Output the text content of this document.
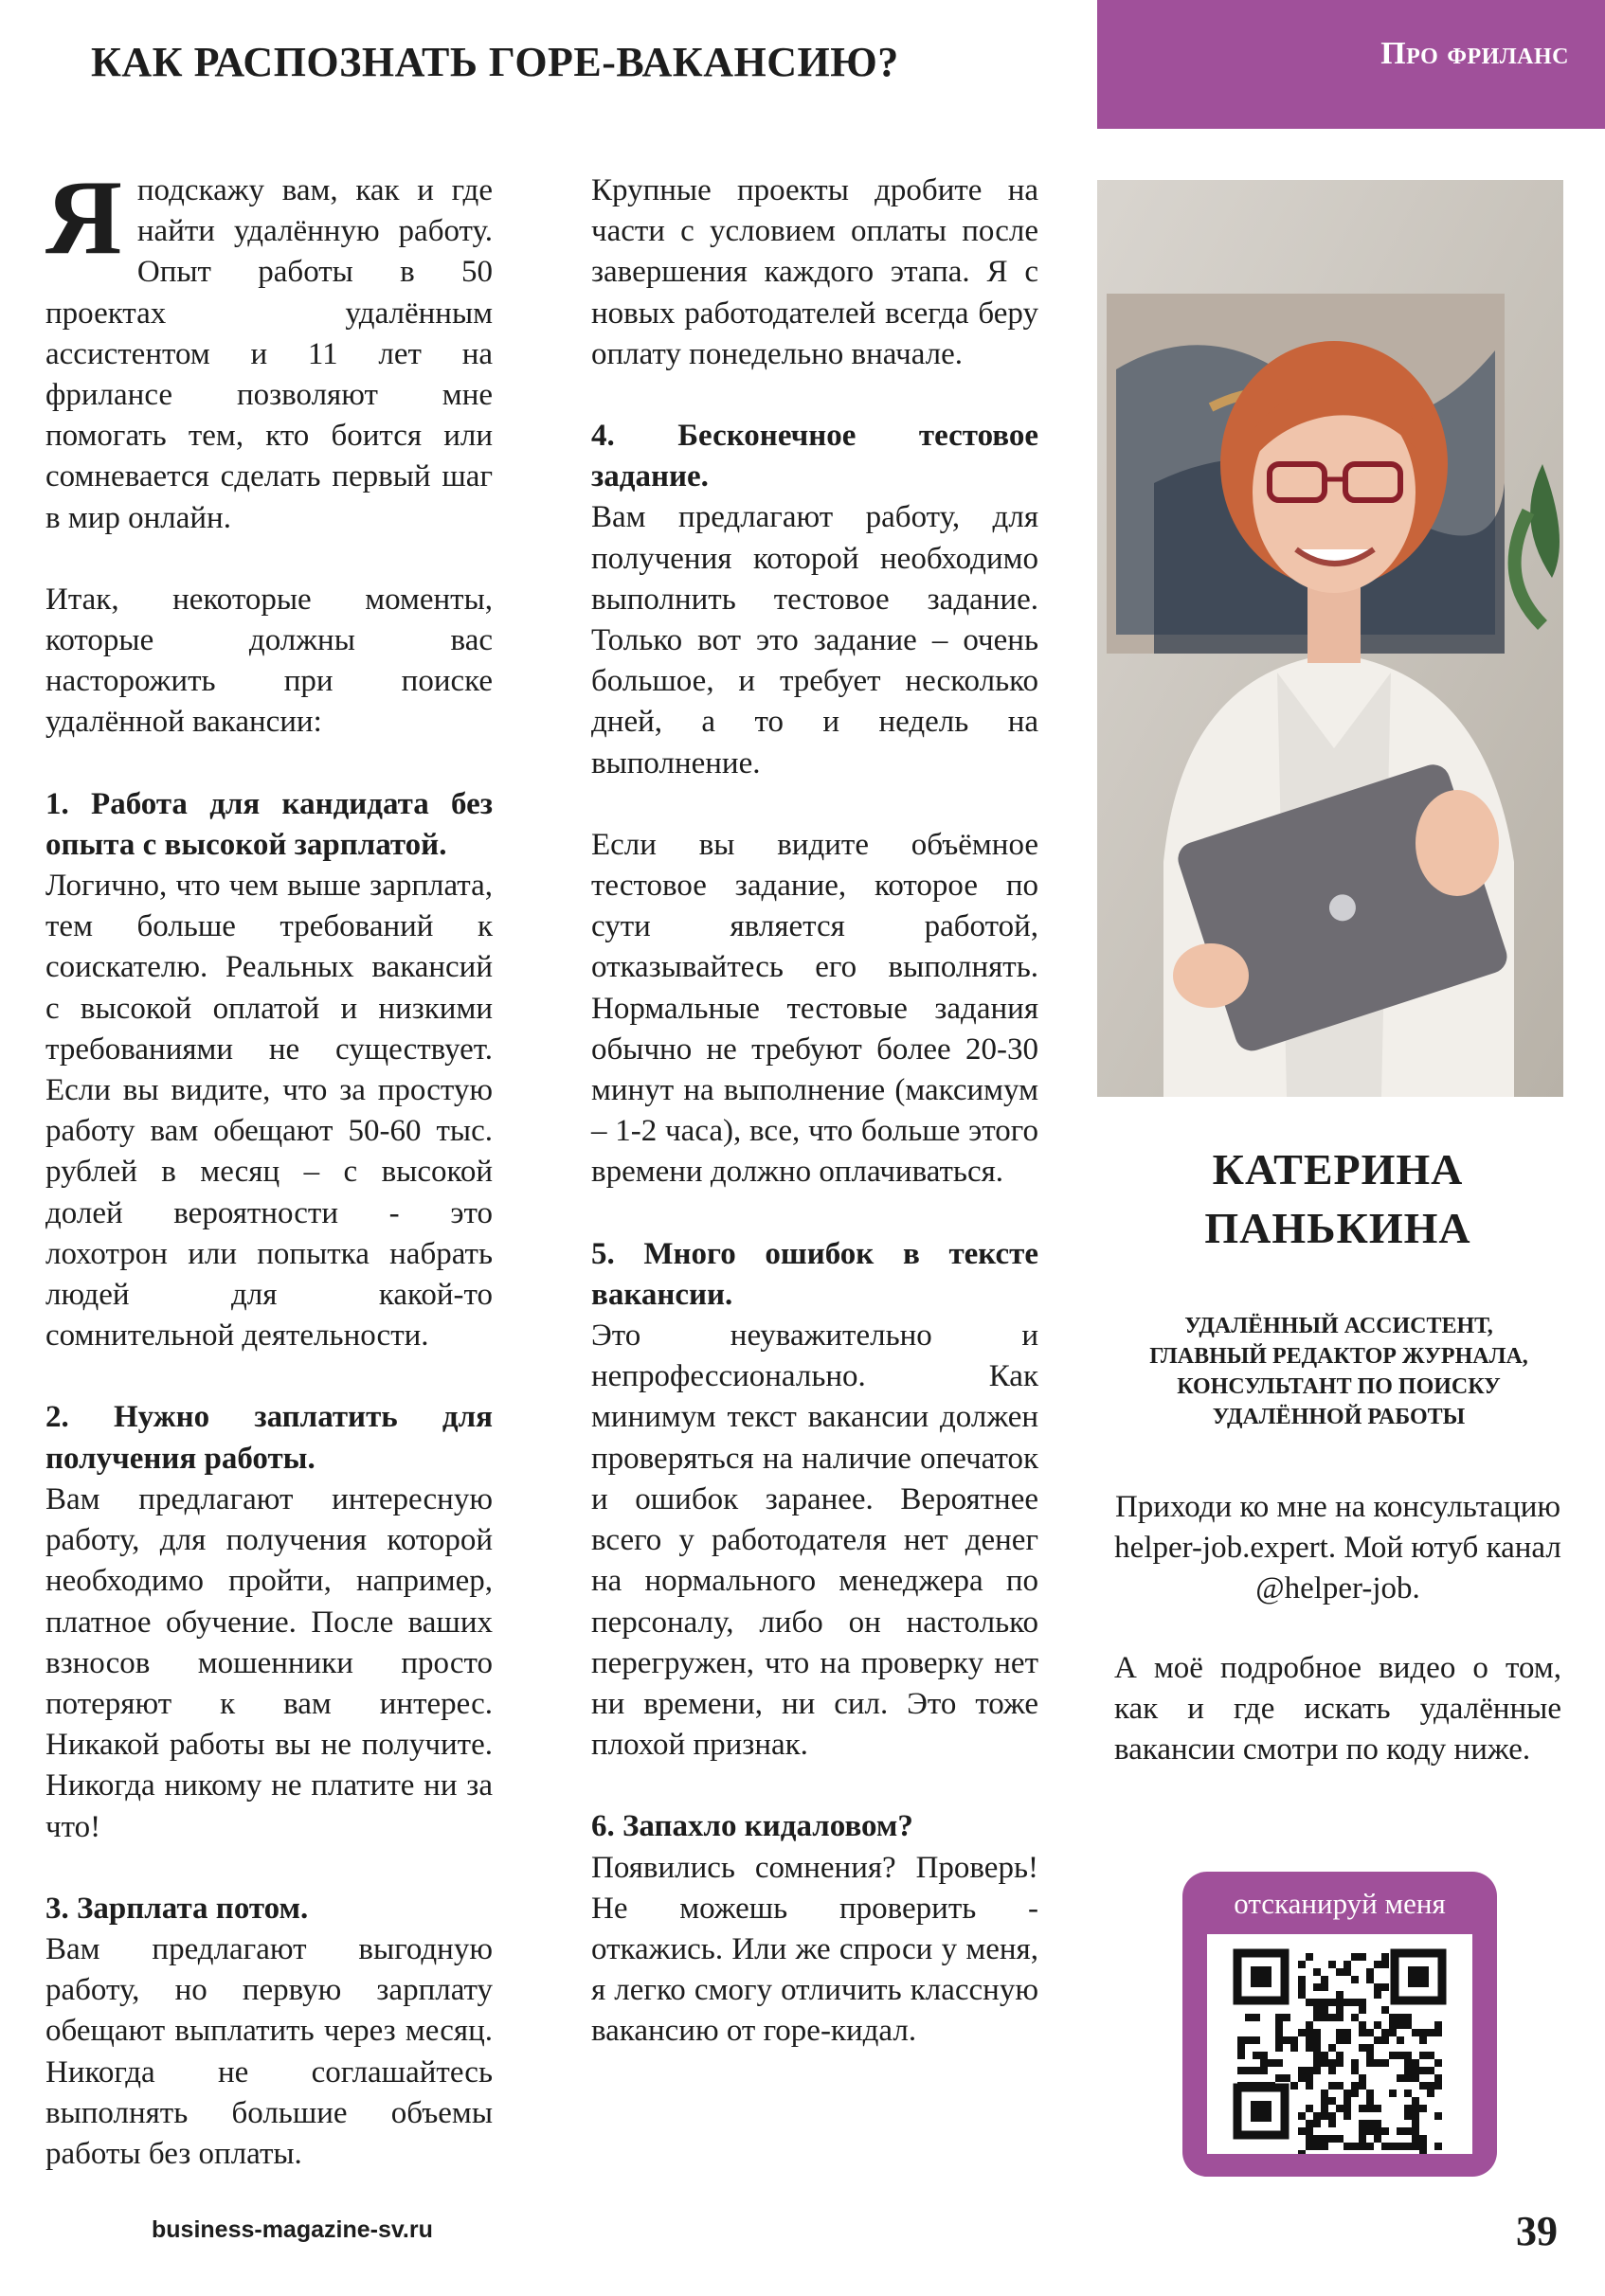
КАК РАСПОЗНАТЬ ГОРЕ-ВАКАНСИЮ?	Про фриланс

Яподскажу вам, как и где найти удалённую работу. Опыт работы в 50 проектах удалённым ассистентом и 11 лет на фрилансе позволяют мне помогать тем, кто боится или сомневается сделать первый шаг в мир онлайн.

Итак, некоторые моменты, которые должны вас насторожить при поиске удалённой вакансии:

1. Работа для кандидата без опыта с высокой зарплатой.

Логично, что чем выше зарплата, тем больше требований к соискателю. Реальных вакансий с высокой оплатой и низкими требованиями не существует. Если вы видите, что за простую работу вам обещают 50-60 тыс. рублей в месяц – с высокой долей вероятности - это лохотрон или попытка набрать людей для какой-то сомнительной деятельности.

2. Нужно заплатить для получения работы.

Вам предлагают интересную работу, для получения которой необходимо пройти, например, платное обучение. После ваших взносов мошенники просто потеряют к вам интерес. Никакой работы вы не получите. Никогда никому не платите ни за что!

3. Зарплата потом.

Вам предлагают выгодную работу, но первую зарплату обещают выплатить через месяц. Никогда не соглашайтесь выполнять большие объемы работы без оплаты.

Крупные проекты дробите на части с условием оплаты после завершения каждого этапа. Я с новых работодателей всегда беру оплату понедельно вначале.

4. Бесконечное тестовое задание.

Вам предлагают работу, для получения которой необходимо выполнить тестовое задание. Только вот это задание – очень большое, и требует несколько дней, а то и недель на выполнение.

Если вы видите объёмное тестовое задание, которое по сути является работой, отказывайтесь его выполнять. Нормальные тестовые задания обычно не требуют более 20-30 минут на выполнение (максимум – 1-2 часа), все, что больше этого времени должно оплачиваться.

5. Много ошибок в тексте вакансии.

Это неуважительно и непрофессионально. Как минимум текст вакансии должен проверяться на наличие опечаток и ошибок заранее. Вероятнее всего у работодателя нет денег на нормального менеджера по персоналу, либо он настолько перегружен, что на проверку нет ни времени, ни сил. Это тоже плохой признак.

6. Запахло кидаловом?

Появились сомнения? Проверь! Не можешь проверить - откажись. Или же спроси у меня, я легко смогу отличить классную вакансию от горе-кидал.

КАТЕРИНА
ПАНЬКИНА
УДАЛЁННЫЙ АССИСТЕНТ,
ГЛАВНЫЙ РЕДАКТОР ЖУРНАЛА,
КОНСУЛЬТАНТ ПО ПОИСКУ
УДАЛЁННОЙ РАБОТЫ
Приходи ко мне на консультацию helper-job.expert. Мой ютуб канал @helper-job.
А моё подробное видео о том, как и где искать удалённые вакансии смотри по коду ниже.
отсканируй меня
business-magazine-sv.ru	39
